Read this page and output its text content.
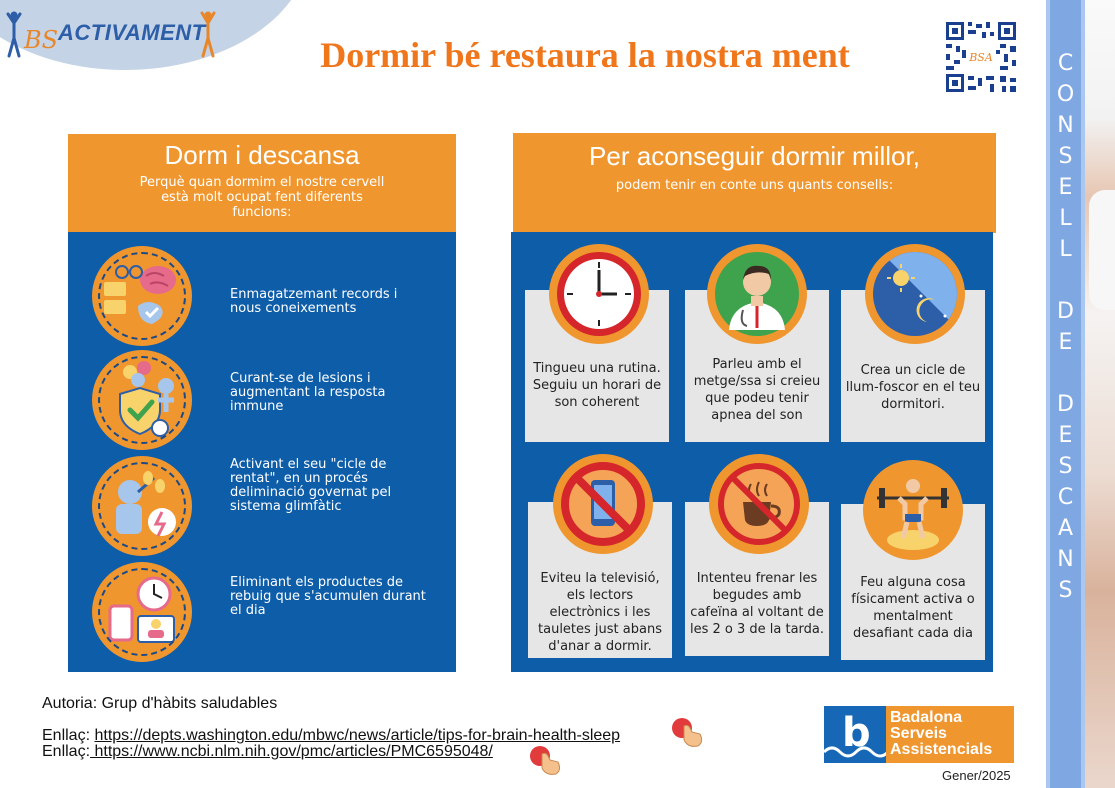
BS ACTIVAMENT
Dormir bé restaura la nostra ment	BSA	C
O
N
S
E
L
L
D
E
D
E
S
C
A
N
S
Dorm i descansa

Perquè quan dormim el nostre cervell està molt ocupat fent diferents funcions:

Enmagatzemant records i nous coneixements
Curant-se de lesions i augmentant la resposta immune
Activant el seu "cicle de rentat", en un procés deliminació governat pel sistema glimfàtic
Eliminant els productes de rebuig que s'acumulen durant el dia
Per aconseguir dormir millor,

podem tenir en conte uns quants consells:

Tingueu una rutina. Seguiu un horari de son coherent
Parleu amb el metge/ssa si creieu que podeu tenir apnea del son
Crea un cicle de llum-foscor en el teu dormitori.
Eviteu la televisió, els lectors electrònics i les tauletes just abans d'anar a dormir.
Intenteu frenar les begudes amb cafeïna al voltant de les 2 o 3 de la tarda.
Feu alguna cosa físicament activa o mentalment desafiant cada dia
Autoria: Grup d'hàbits saludables
Enllaç: https://depts.washington.edu/mbwc/news/article/tips-for-brain-health-sleep
Enllaç: https://www.ncbi.nlm.nih.gov/pmc/articles/PMC6595048/	b Badalona
Serveis
Assistencials
Gener/2025
